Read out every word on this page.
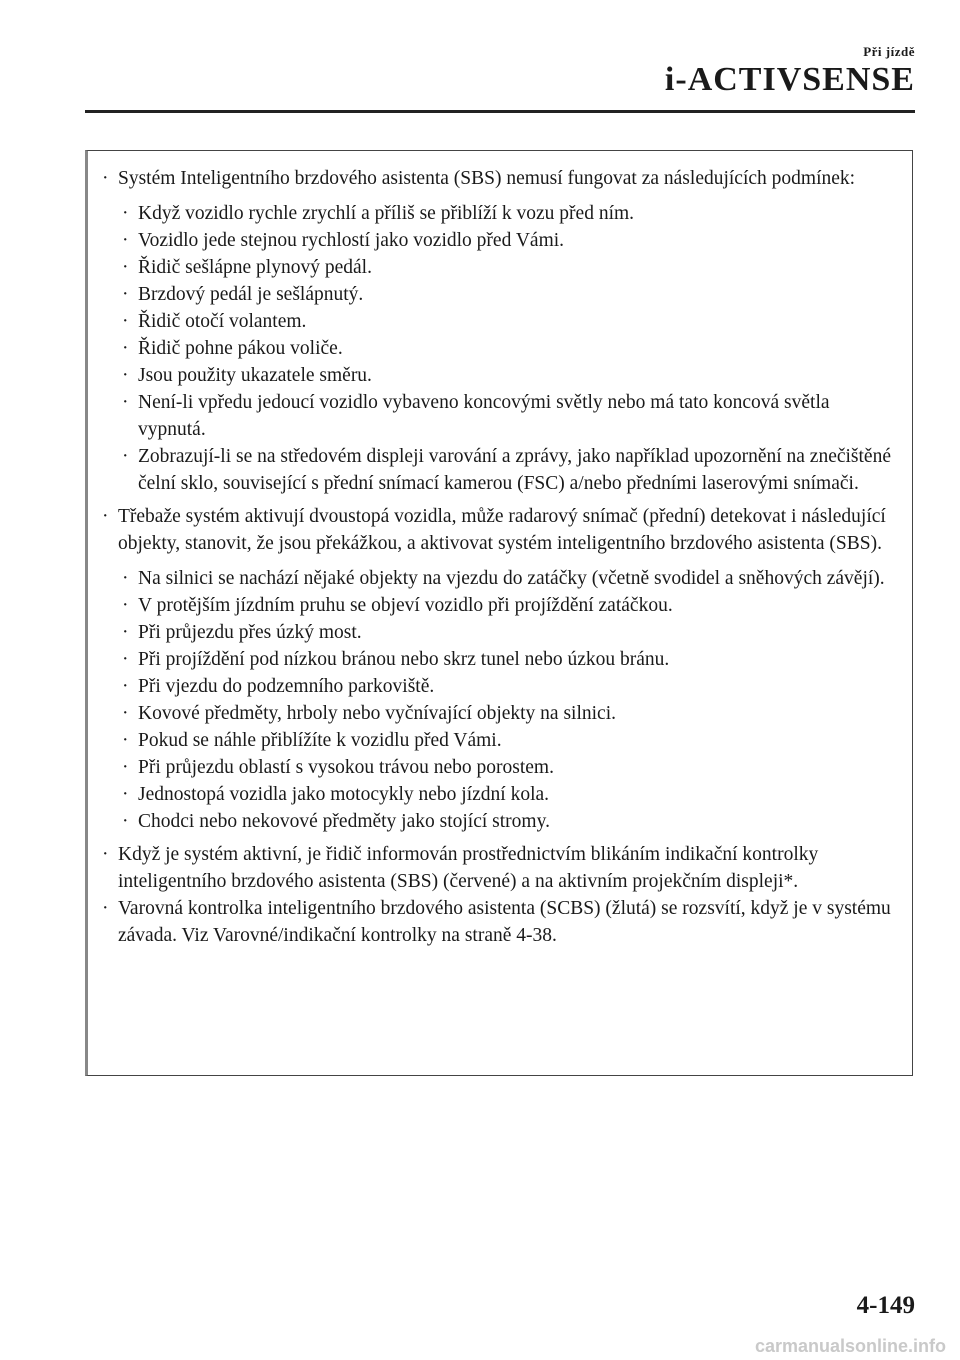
Při jízdě
i-ACTIVSENSE
· Systém Inteligentního brzdového asistenta (SBS) nemusí fungovat za následujících podmínek:
· Když vozidlo rychle zrychlí a příliš se přiblíží k vozu před ním.
· Vozidlo jede stejnou rychlostí jako vozidlo před Vámi.
· Řidič sešlápne plynový pedál.
· Brzdový pedál je sešlápnutý.
· Řidič otočí volantem.
· Řidič pohne pákou voliče.
· Jsou použity ukazatele směru.
· Není-li vpředu jedoucí vozidlo vybaveno koncovými světly nebo má tato koncová světla vypnutá.
· Zobrazují-li se na středovém displeji varování a zprávy, jako například upozornění na znečištěné čelní sklo, související s přední snímací kamerou (FSC) a/nebo předními laserovými snímači.
· Třebaže systém aktivují dvoustopá vozidla, může radarový snímač (přední) detekovat i následující objekty, stanovit, že jsou překážkou, a aktivovat systém inteligentního brzdového asistenta (SBS).
· Na silnici se nachází nějaké objekty na vjezdu do zatáčky (včetně svodidel a sněhových závějí).
· V protějším jízdním pruhu se objeví vozidlo při projíždění zatáčkou.
· Při průjezdu přes úzký most.
· Při projíždění pod nízkou bránou nebo skrz tunel nebo úzkou bránu.
· Při vjezdu do podzemního parkoviště.
· Kovové předměty, hrboly nebo vyčnívající objekty na silnici.
· Pokud se náhle přiblížíte k vozidlu před Vámi.
· Při průjezdu oblastí s vysokou trávou nebo porostem.
· Jednostopá vozidla jako motocykly nebo jízdní kola.
· Chodci nebo nekovové předměty jako stojící stromy.
· Když je systém aktivní, je řidič informován prostřednictvím blikáním indikační kontrolky inteligentního brzdového asistenta (SBS) (červené) a na aktivním projekčním displeji*.
· Varovná kontrolka inteligentního brzdového asistenta (SCBS) (žlutá) se rozsvítí, když je v systému závada. Viz Varovné/indikační kontrolky na straně 4-38.
4-149
carmanualsonline.info
